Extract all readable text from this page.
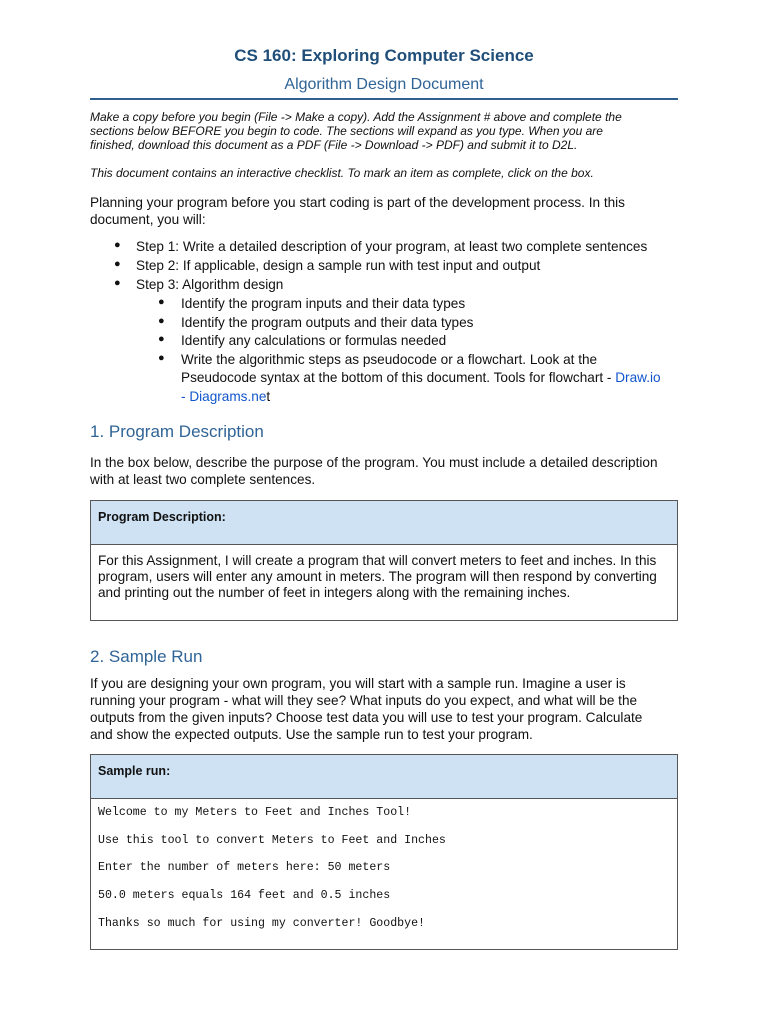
CS 160: Exploring Computer Science
Algorithm Design Document
Make a copy before you begin (File -> Make a copy). Add the Assignment # above and complete the
sections below BEFORE you begin to code. The sections will expand as you type. When you are
finished, download this document as a PDF (File -> Download -> PDF) and submit it to D2L.
This document contains an interactive checklist. To mark an item as complete, click on the box.
Planning your program before you start coding is part of the development process. In this
document, you will:
● Step 1: Write a detailed description of your program, at least two complete sentences
● Step 2: If applicable, design a sample run with test input and output
● Step 3: Algorithm design
● Identify the program inputs and their data types
● Identify the program outputs and their data types
● Identify any calculations or formulas needed
● Write the algorithmic steps as pseudocode or a flowchart. Look at the
Pseudocode syntax at the bottom of this document. Tools for flowchart - Draw.io
- Diagrams.net
1. Program Description
In the box below, describe the purpose of the program. You must include a detailed description
with at least two complete sentences.
Program Description:
For this Assignment, I will create a program that will convert meters to feet and inches. In this
program, users will enter any amount in meters. The program will then respond by converting
and printing out the number of feet in integers along with the remaining inches.
2. Sample Run
If you are designing your own program, you will start with a sample run. Imagine a user is
running your program - what will they see? What inputs do you expect, and what will be the
outputs from the given inputs? Choose test data you will use to test your program. Calculate
and show the expected outputs. Use the sample run to test your program.
Sample run:
Welcome to my Meters to Feet and Inches Tool!
Use this tool to convert Meters to Feet and Inches
Enter the number of meters here: 50 meters
50.0 meters equals 164 feet and 0.5 inches
Thanks so much for using my converter! Goodbye!
